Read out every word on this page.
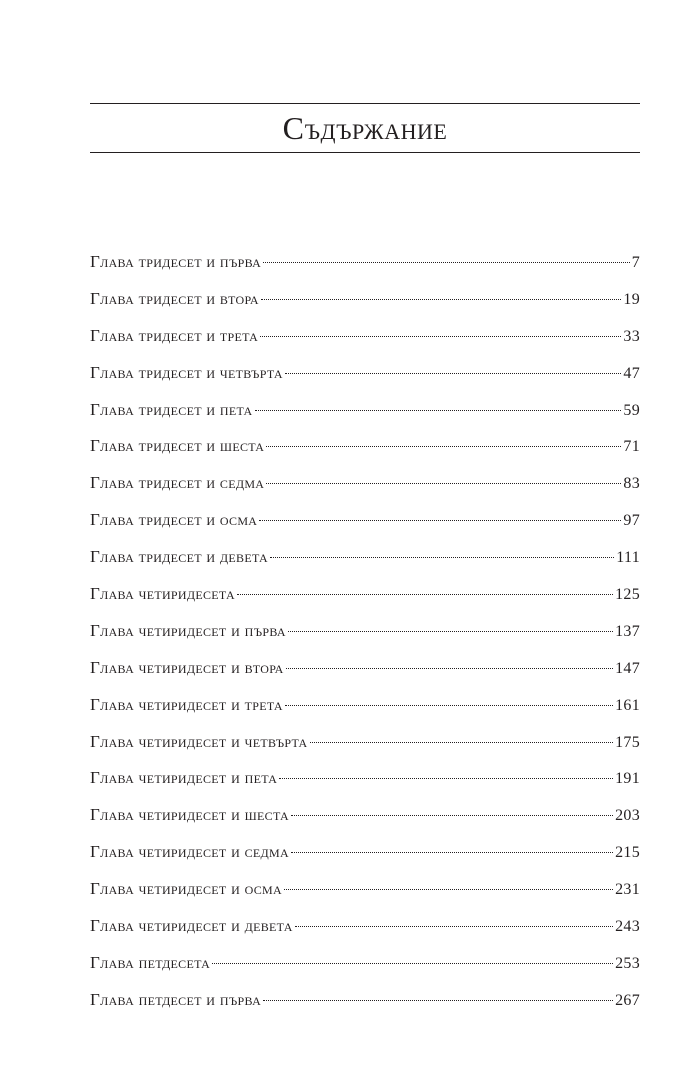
Съдържание
Глава тридесет и първа	7
Глава тридесет и втора	19
Глава тридесет и трета	33
Глава тридесет и четвърта	47
Глава тридесет и пета	59
Глава тридесет и шеста	71
Глава тридесет и седма	83
Глава тридесет и осма	97
Глава тридесет и девета	111
Глава четиридесета	125
Глава четиридесет и първа	137
Глава четиридесет и втора	147
Глава четиридесет и трета	161
Глава четиридесет и четвърта	175
Глава четиридесет и пета	191
Глава четиридесет и шеста	203
Глава четиридесет и седма	215
Глава четиридесет и осма	231
Глава четиридесет и девета	243
Глава петдесета	253
Глава петдесет и първа	267
